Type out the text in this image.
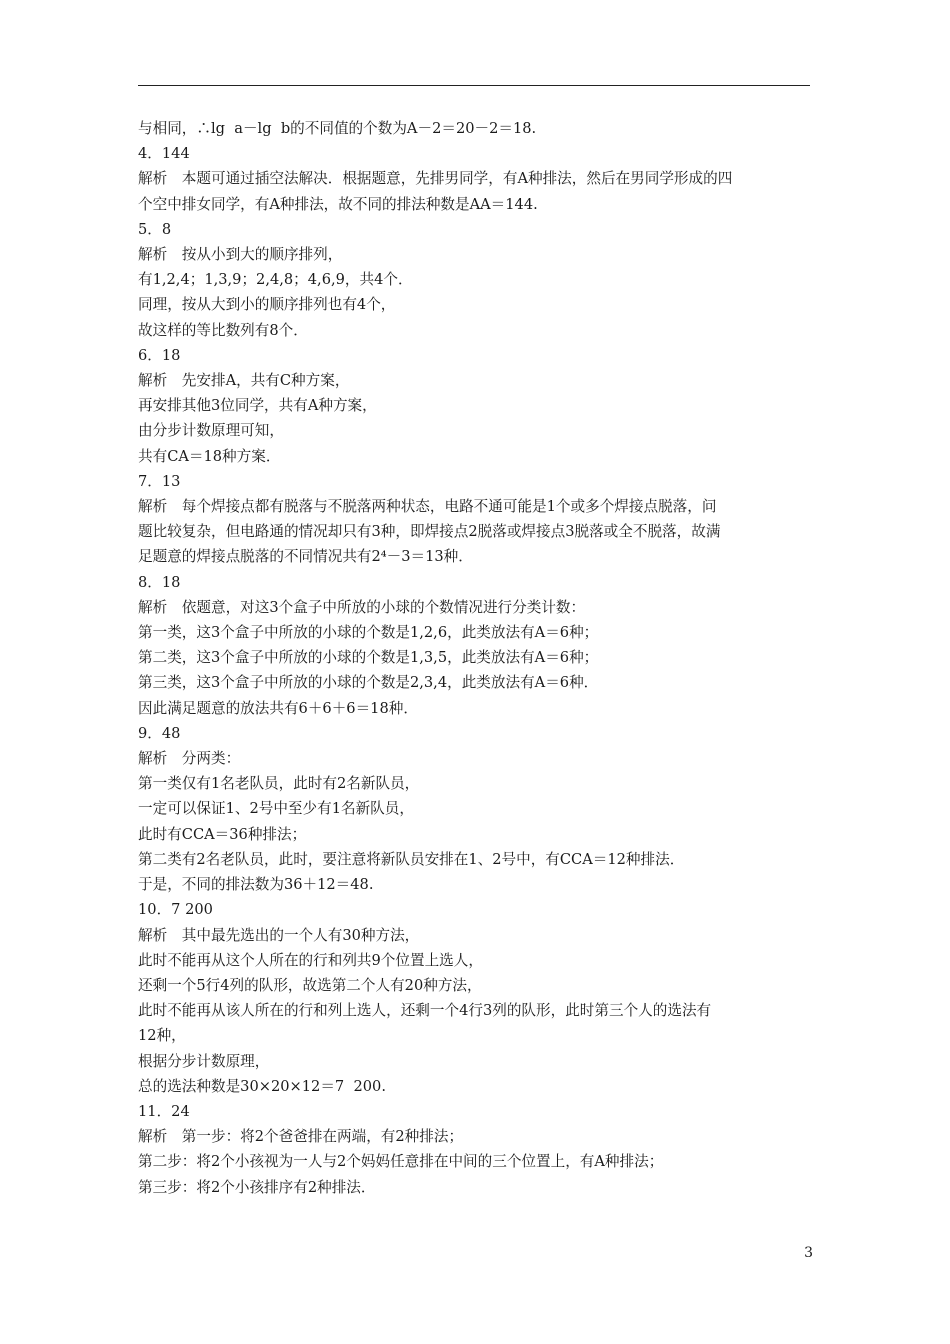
与相同，∴lg  a－lg  b的不同值的个数为A－2＝20－2＝18.

4．144

解析　本题可通过插空法解决．根据题意，先排男同学，有A种排法，然后在男同学形成的四

个空中排女同学，有A种排法，故不同的排法种数是AA＝144.

5．8

解析　按从小到大的顺序排列，

有1,2,4；1,3,9；2,4,8；4,6,9，共4个．

同理，按从大到小的顺序排列也有4个，

故这样的等比数列有8个．

6．18

解析　先安排A，共有C种方案，

再安排其他3位同学，共有A种方案，

由分步计数原理可知，

共有CA＝18种方案．

7．13

解析　每个焊接点都有脱落与不脱落两种状态，电路不通可能是1个或多个焊接点脱落，问

题比较复杂，但电路通的情况却只有3种，即焊接点2脱落或焊接点3脱落或全不脱落，故满

足题意的焊接点脱落的不同情况共有2⁴－3＝13种．

8．18

解析　依题意，对这3个盒子中所放的小球的个数情况进行分类计数：

第一类，这3个盒子中所放的小球的个数是1,2,6，此类放法有A＝6种；

第二类，这3个盒子中所放的小球的个数是1,3,5，此类放法有A＝6种；

第三类，这3个盒子中所放的小球的个数是2,3,4，此类放法有A＝6种．

因此满足题意的放法共有6＋6＋6＝18种．

9．48

解析　分两类：

第一类仅有1名老队员，此时有2名新队员，

一定可以保证1、2号中至少有1名新队员，

此时有CCA＝36种排法；

第二类有2名老队员，此时，要注意将新队员安排在1、2号中，有CCA＝12种排法．

于是，不同的排法数为36＋12＝48.

10．7 200

解析　其中最先选出的一个人有30种方法，

此时不能再从这个人所在的行和列共9个位置上选人，

还剩一个5行4列的队形，故选第二个人有20种方法，

此时不能再从该人所在的行和列上选人，还剩一个4行3列的队形，此时第三个人的选法有

12种，

根据分步计数原理，

总的选法种数是30×20×12＝7  200.

11．24

解析　第一步：将2个爸爸排在两端，有2种排法；

第二步：将2个小孩视为一人与2个妈妈任意排在中间的三个位置上，有A种排法；

第三步：将2个小孩排序有2种排法．

3
